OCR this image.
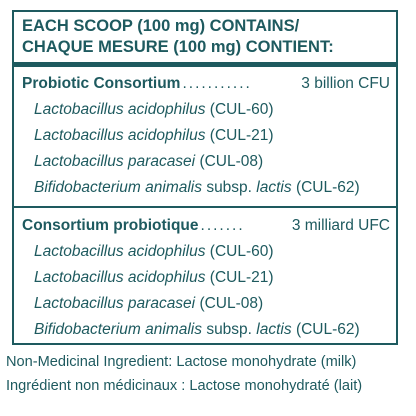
EACH SCOOP (100 mg) CONTAINS/
CHAQUE MESURE (100 mg) CONTIENT:
Probiotic Consortium ...........	3 billion CFU
Lactobacillus acidophilus (CUL-60)
Lactobacillus acidophilus (CUL-21)
Lactobacillus paracasei (CUL-08)
Bifidobacterium animalis subsp. lactis (CUL-62)
Consortium probiotique .......	3 milliard UFC
Lactobacillus acidophilus (CUL-60)
Lactobacillus acidophilus (CUL-21)
Lactobacillus paracasei (CUL-08)
Bifidobacterium animalis subsp. lactis (CUL-62)
Non-Medicinal Ingredient: Lactose monohydrate (milk)
Ingrédient non médicinaux : Lactose monohydraté (lait)
